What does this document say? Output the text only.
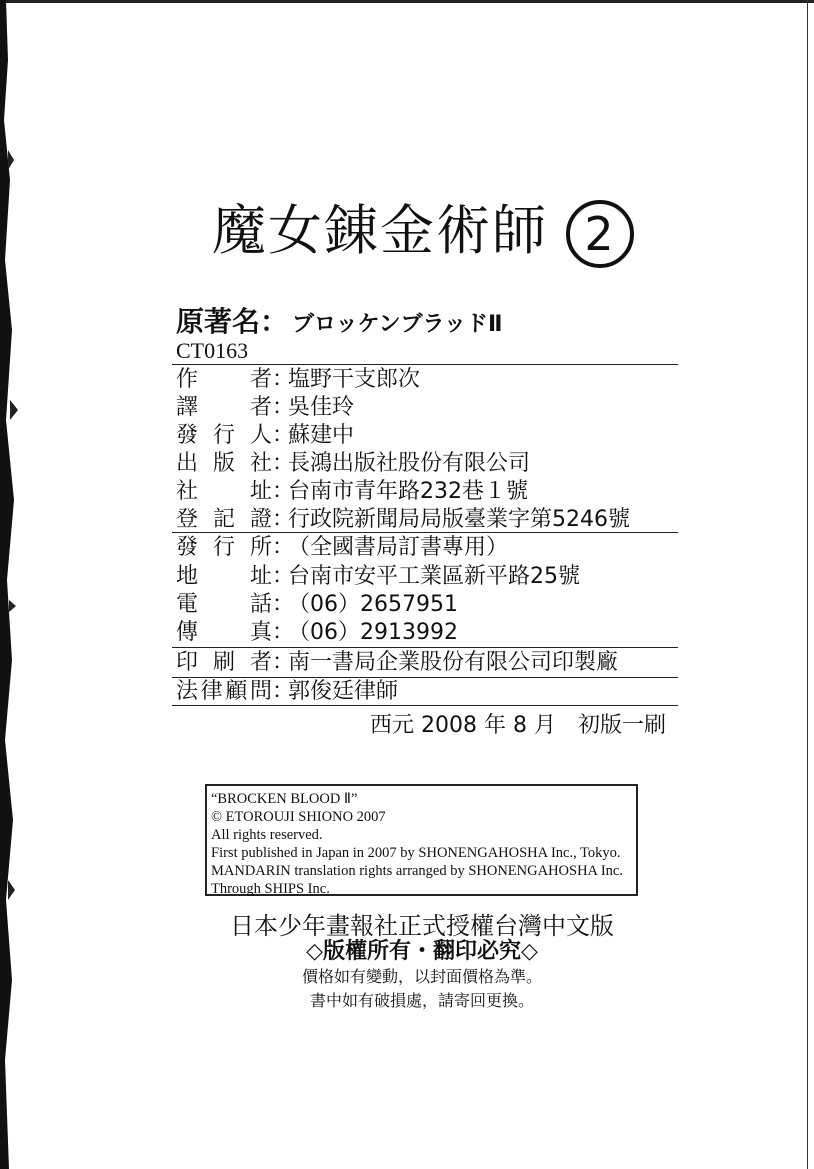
魔女錬金術師 2
原著名： ブロッケンブラッドⅡ
CT0163
作　者：塩野干支郎次
譯　者：吳佳玲
發行人：蘇建中
出版社：長鴻出版社股份有限公司
社　址：台南市青年路232巷１號
登記證：行政院新聞局局版臺業字第5246號
發行所：（全國書局訂書專用）
地　址：台南市安平工業區新平路25號
電　話：（06）2657951
傳　真：（06）2913992
印刷者：南一書局企業股份有限公司印製廠
法律顧問：郭俊廷律師
西元 2008 年 8 月　初版一刷
“BROCKEN BLOOD Ⅱ”
© ETOROUJI SHIONO 2007
All rights reserved.
First published in Japan in 2007 by SHONENGAHOSHA Inc., Tokyo.
MANDARIN translation rights arranged by SHONENGAHOSHA Inc.
Through SHIPS Inc.
日本少年畫報社正式授權台灣中文版
◇版權所有・翻印必究◇
價格如有變動，以封面價格為準。
書中如有破損處，請寄回更換。
